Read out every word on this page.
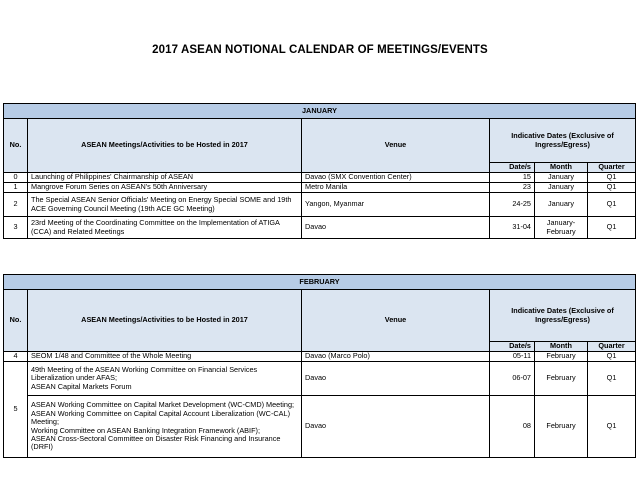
2017 ASEAN NOTIONAL CALENDAR OF MEETINGS/EVENTS
JANUARY					
No.	ASEAN Meetings/Activities to be Hosted in 2017	Venue	Indicative Dates (Exclusive of Ingress/Egress)		
			Date/s	Month	Quarter
0	Launching of Philippines' Chairmanship of ASEAN	Davao (SMX Convention Center)	15	January	Q1
1	Mangrove Forum Series on ASEAN's 50th Anniversary	Metro Manila	23	January	Q1
2	The Special ASEAN Senior Officials' Meeting on Energy Special SOME and 19th ACE Governing Council Meeting (19th ACE GC Meeting)	Yangon, Myanmar	24-25	January	Q1
3	23rd Meeting of the Coordinating Committee on the Implementation of ATIGA (CCA) and Related Meetings	Davao	31-04	January-February	Q1
FEBRUARY					
No.	ASEAN Meetings/Activities to be Hosted in 2017	Venue	Indicative Dates (Exclusive of Ingress/Egress)		
			Date/s	Month	Quarter
4	SEOM 1/48 and Committee of the Whole Meeting	Davao (Marco Polo)	05-11	February	Q1
5	49th Meeting of the ASEAN Working Committee on Financial Services Liberalization under AFAS;
ASEAN Capital Markets Forum	Davao	06-07	February	Q1

	ASEAN Working Committee on Capital Market Development (WC-CMD) Meeting;
ASEAN Working Committee on Capital Capital Account Liberalization (WC-CAL) Meeting;
Working Committee on ASEAN Banking Integration Framework (ABIF);
ASEAN Cross-Sectoral Committee on Disaster Risk Financing and Insurance (DRFI)	Davao	08	February	Q1
